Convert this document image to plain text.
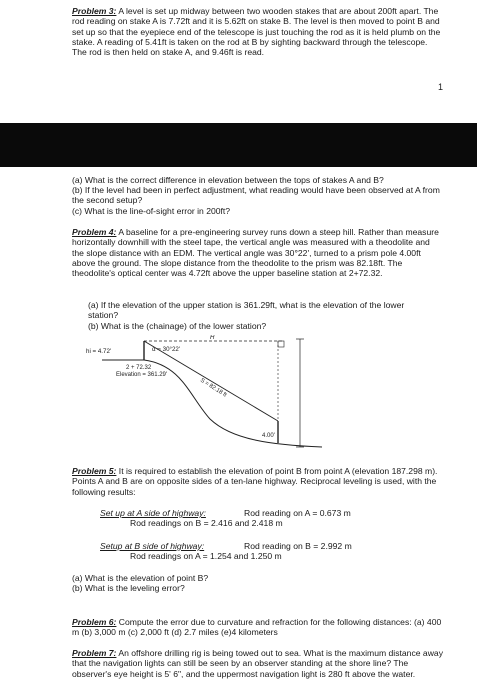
Problem 3: A level is set up midway between two wooden stakes that are about 200ft apart. The rod reading on stake A is 7.72ft and it is 5.62ft on stake B. The level is then moved to point B and set up so that the eyepiece end of the telescope is just touching the rod as it is held plumb on the stake. A reading of 5.41ft is taken on the rod at B by sighting backward through the telescope. The rod is then held on stake A, and 9.46ft is read.
1
(a) What is the correct difference in elevation between the tops of stakes A and B?
(b) If the level had been in perfect adjustment, what reading would have been observed at A from the second setup?
(c) What is the line-of-sight error in 200ft?
Problem 4: A baseline for a pre-engineering survey runs down a steep hill. Rather than measure horizontally downhill with the steel tape, the vertical angle was measured with a theodolite and the slope distance with an EDM. The vertical angle was 30°22', turned to a prism pole 4.00ft above the ground. The slope distance from the theodolite to the prism was 82.18ft. The theodolite's optical center was 4.72ft above the upper baseline station at 2+72.32.
(a) If the elevation of the upper station is 361.29ft, what is the elevation of the lower station?
(b) What is the (chainage) of the lower station?
hi = 4.72'	α = 30°22'
H
2 + 72.32
Elevation = 361.29'
S = 82.18 ft
4.00'
Problem 5: It is required to establish the elevation of point B from point A (elevation 187.298 m). Points A and B are on opposite sides of a ten-lane highway. Reciprocal leveling is used, with the following results:
Set up at A side of highway:	Rod reading on A = 0.673 m
Rod readings on B = 2.416 and 2.418 m
Setup at B side of highway:	Rod reading on B = 2.992 m
Rod readings on A = 1.254 and 1.250 m
(a) What is the elevation of point B?
(b) What is the leveling error?
Problem 6: Compute the error due to curvature and refraction for the following distances: (a) 400 m (b) 3,000 m (c) 2,000 ft (d) 2.7 miles (e)4 kilometers
Problem 7: An offshore drilling rig is being towed out to sea. What is the maximum distance away that the navigation lights can still be seen by an observer standing at the shore line? The observer's eye height is 5' 6", and the uppermost navigation light is 280 ft above the water.
